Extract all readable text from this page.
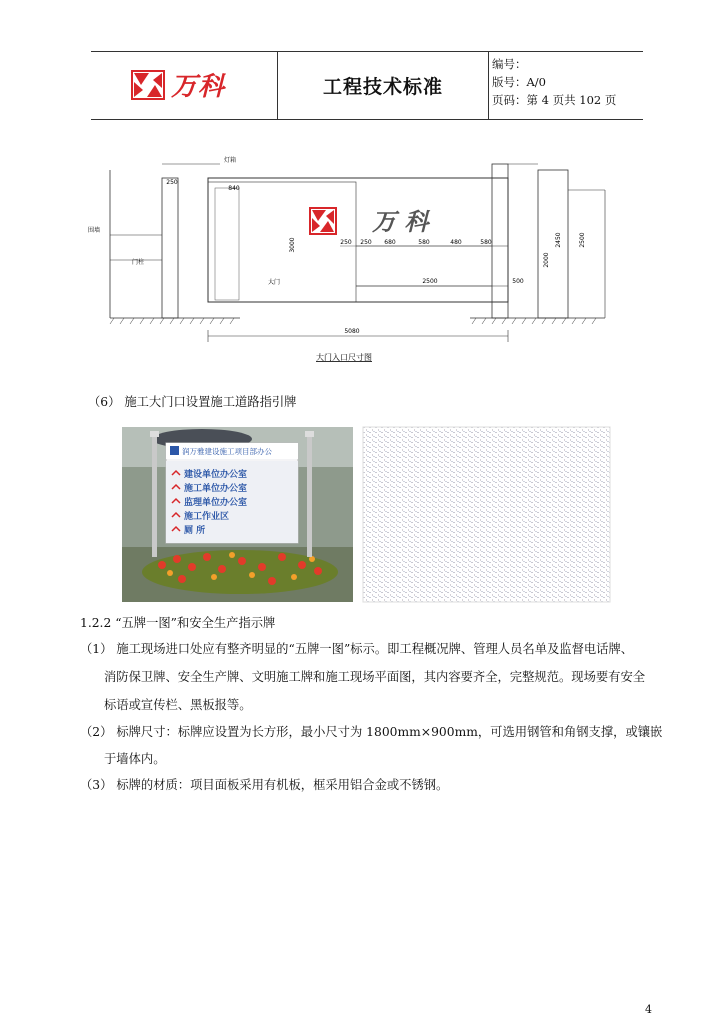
万科	工程技术标准
编号：
版号：A/0
页码：第 4 页共 102 页
5080
2500	500
3000
2000
2450	2500
250 250 680	580	480	580
840
250
围墙
门柱
大门
灯箱
万 科
大门入口尺寸图
（6） 施工大门口设置施工道路指引牌
润万雅建设施工项目部办公
建设单位办公室
施工单位办公室
监理单位办公室
施工作业区
厕 所
1.2.2 “五牌一图”和安全生产指示牌
（1） 施工现场进口处应有整齐明显的“五牌一图”标示。即工程概况牌、管理人员名单及监督电话牌、
消防保卫牌、安全生产牌、文明施工牌和施工现场平面图，其内容要齐全，完整规范。现场要有安全
标语或宣传栏、黑板报等。
（2） 标牌尺寸：标牌应设置为长方形，最小尺寸为 1800mm×900mm，可选用钢管和角钢支撑，或镶嵌
于墙体内。
（3） 标牌的材质：项目面板采用有机板，框采用铝合金或不锈钢。
4
